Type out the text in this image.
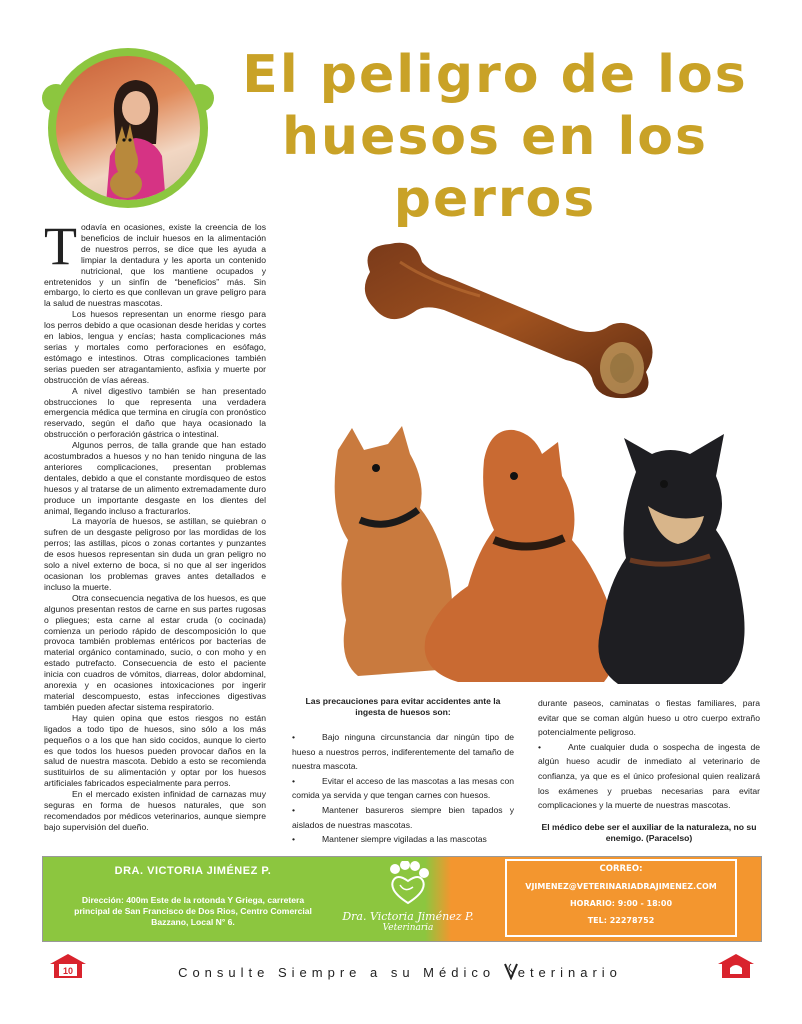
El peligro de los
huesos en los
perros

Todavía en ocasiones, existe la creencia de los beneficios de incluir huesos en la alimentación de nuestros perros, se dice que les ayuda a limpiar la dentadura y les aporta un contenido nutricional, que los mantiene ocupados y entretenidos y un sinfín de “beneficios” más. Sin embargo, lo cierto es que conllevan un grave peligro para la salud de nuestras mascotas.

Los huesos representan un enorme riesgo para los perros debido a que ocasionan desde heridas y cortes en labios, lengua y encías; hasta complicaciones más serias y mortales como perforaciones en esófago, estómago e intestinos. Otras complicaciones también serias pueden ser atragantamiento, asfixia y muerte por obstrucción de vías aéreas.

A nivel digestivo también se han presentado obstrucciones lo que representa una verdadera emergencia médica que termina en cirugía con pronóstico reservado, según el daño que haya ocasionado la obstrucción o perforación gástrica o intestinal.

Algunos perros, de talla grande que han estado acostumbrados a huesos y no han tenido ninguna de las anteriores complicaciones, presentan problemas dentales, debido a que el constante mordisqueo de estos huesos y al tratarse de un alimento extremadamente duro produce un importante desgaste en los dientes del animal, llegando incluso a fracturarlos.

La mayoría de huesos, se astillan, se quiebran o sufren de un desgaste peligroso por las mordidas de los perros; las astillas, picos o zonas cortantes y punzantes de esos huesos representan sin duda un gran peligro no solo a nivel externo de boca, si no que al ser ingeridos ocasionan los problemas graves antes detallados e incluso la muerte.

Otra consecuencia negativa de los huesos, es que algunos presentan restos de carne en sus partes rugosas o pliegues; esta carne al estar cruda (o cocinada) comienza un periodo rápido de descomposición lo que provoca también problemas entéricos por bacterias de material orgánico contaminado, sucio, o con moho y en estado putrefacto. Consecuencia de esto el paciente inicia con cuadros de vómitos, diarreas, dolor abdominal, anorexia y en ocasiones intoxicaciones por ingerir material descompuesto, estas infecciones digestivas también pueden afectar sistema respiratorio.

Hay quien opina que estos riesgos no están ligados a todo tipo de huesos, sino sólo a los más pequeños o a los que han sido cocidos, aunque lo cierto es que todos los huesos pueden provocar daños en la salud de nuestra mascota. Debido a esto se recomienda sustituirlos de su alimentación y optar por los huesos artificiales fabricados especialmente para perros.

En el mercado existen infinidad de carnazas muy seguras en forma de huesos naturales, que son recomendados por médicos veterinarios, aunque siempre bajo supervisión del dueño.

Las precauciones para evitar accidentes ante la ingesta de huesos son:
•	Bajo ninguna circunstancia dar ningún tipo de hueso a nuestros perros, indiferentemente del tamaño de nuestra mascota.
•	Evitar el acceso de las mascotas a las mesas con comida ya servida y que tengan carnes con huesos.
•	Mantener basureros siempre bien tapados y aislados de nuestras mascotas.
•	Mantener siempre vigiladas a las mascotas
durante paseos, caminatas o fiestas familiares, para evitar que se coman algún hueso u otro cuerpo extraño potencialmente peligroso.
•	Ante cualquier duda o sospecha de ingesta de algún hueso acudir de inmediato al veterinario de confianza, ya que es el único profesional quien realizará los exámenes y pruebas necesarias para evitar complicaciones y la muerte de nuestras mascotas.
El médico debe ser el auxiliar de la naturaleza, no su enemigo. (Paracelso)
DRA. VICTORIA JIMÉNEZ P.
Dirección: 400m Este de la rotonda Y Griega, carretera principal de San Francisco de Dos Rios, Centro Comercial Bazzano, Local N° 6.	Dra. Victoria Jiménez P.
Veterinaria
CORREO:
VJIMENEZ@VETERINARIADRAJIMENEZ.COM
HORARIO: 9:00 - 18:00
TEL: 22278752
10	Consulte Siempre a su Médico eterinario
